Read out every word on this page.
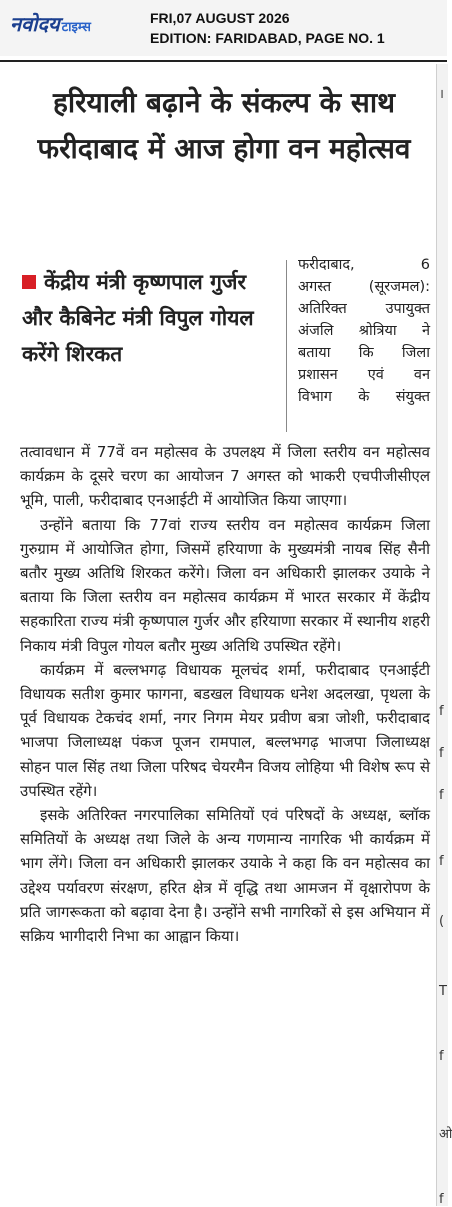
नवोदय टाइम्स
FRI,07 AUGUST 2026
EDITION: FARIDABAD, PAGE NO. 1
।
f
f
f
f
(
T
f
ओ
f
हरियाली बढ़ाने के संकल्प के साथ फरीदाबाद में आज होगा वन महोत्सव
केंद्रीय मंत्री कृष्णपाल गुर्जर और कैबिनेट मंत्री विपुल गोयल करेंगे शिरकत

फरीदाबाद, 6

अगस्त (सूरजमल):

अतिरिक्त उपायुक्त

अंजलि श्रोत्रिया ने

बताया कि जिला

प्रशासन एवं वन

विभाग के संयुक्त

तत्वावधान में 77वें वन महोत्सव के उपलक्ष्य में जिला स्तरीय वन महोत्सव कार्यक्रम के दूसरे चरण का आयोजन 7 अगस्त को भाकरी एचपीजीसीएल भूमि, पाली, फरीदाबाद एनआईटी में आयोजित किया जाएगा।

उन्होंने बताया कि 77वां राज्य स्तरीय वन महोत्सव कार्यक्रम जिला गुरुग्राम में आयोजित होगा, जिसमें हरियाणा के मुख्यमंत्री नायब सिंह सैनी बतौर मुख्य अतिथि शिरकत करेंगे। जिला वन अधिकारी झालकर उयाके ने बताया कि जिला स्तरीय वन महोत्सव कार्यक्रम में भारत सरकार में केंद्रीय सहकारिता राज्य मंत्री कृष्णपाल गुर्जर और हरियाणा सरकार में स्थानीय शहरी निकाय मंत्री विपुल गोयल बतौर मुख्य अतिथि उपस्थित रहेंगे।

कार्यक्रम में बल्लभगढ़ विधायक मूलचंद शर्मा, फरीदाबाद एनआईटी विधायक सतीश कुमार फागना, बडखल विधायक धनेश अदलखा, पृथला के पूर्व विधायक टेकचंद शर्मा, नगर निगम मेयर प्रवीण बत्रा जोशी, फरीदाबाद भाजपा जिलाध्यक्ष पंकज पूजन रामपाल, बल्लभगढ़ भाजपा जिलाध्यक्ष सोहन पाल सिंह तथा जिला परिषद चेयरमैन विजय लोहिया भी विशेष रूप से उपस्थित रहेंगे।

इसके अतिरिक्त नगरपालिका समितियों एवं परिषदों के अध्यक्ष, ब्लॉक समितियों के अध्यक्ष तथा जिले के अन्य गणमान्य नागरिक भी कार्यक्रम में भाग लेंगे। जिला वन अधिकारी झालकर उयाके ने कहा कि वन महोत्सव का उद्देश्य पर्यावरण संरक्षण, हरित क्षेत्र में वृद्धि तथा आमजन में वृक्षारोपण के प्रति जागरूकता को बढ़ावा देना है। उन्होंने सभी नागरिकों से इस अभियान में सक्रिय भागीदारी निभा का आह्वान किया।
